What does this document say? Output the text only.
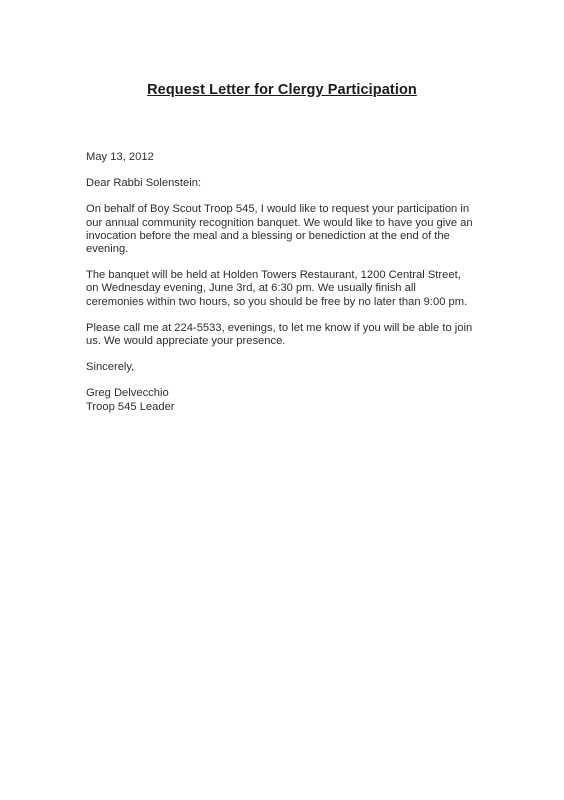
Request Letter for Clergy Participation

May 13, 2012

Dear Rabbi Solenstein:

On behalf of Boy Scout Troop 545, I would like to request your participation in
our annual community recognition banquet. We would like to have you give an
invocation before the meal and a blessing or benediction at the end of the
evening.

The banquet will be held at Holden Towers Restaurant, 1200 Central Street,
on Wednesday evening, June 3rd, at 6:30 pm. We usually finish all
ceremonies within two hours, so you should be free by no later than 9:00 pm.

Please call me at 224-5533, evenings, to let me know if you will be able to join
us. We would appreciate your presence.

Sincerely,

Greg Delvecchio

Troop 545 Leader
